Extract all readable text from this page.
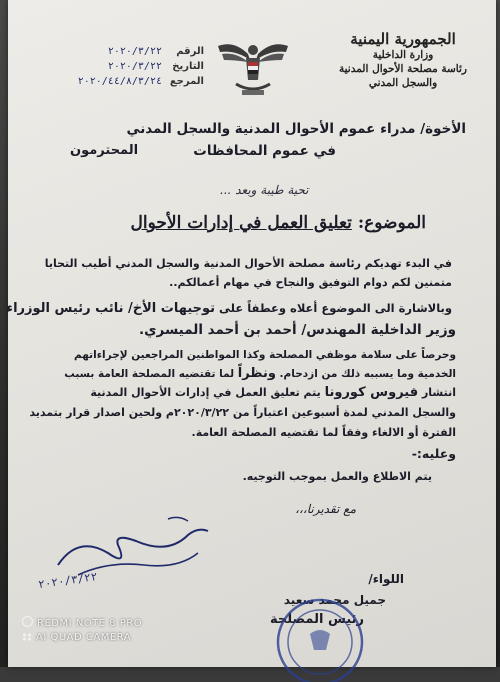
الجمهورية اليمنية
وزارة الداخلية
رئاسة مصلحة الأحوال المدنية
والسجل المدني
الرقم
٢٠٢٠/٣/٢٢
التاريخ
٢٠٢٠/٣/٢٢
المرجع
٢٠٢٠/٤٤/٨/٣/٢٤
الأخوة/ مدراء عموم الأحوال المدنية والسجل المدني
في عموم المحافظات
المحترمون
تحية طيبة وبعد ...
الموضوع: تعليق العمل في إدارات الأحوال
في البدء تهديكم رئاسة مصلحة الأحوال المدنية والسجل المدني أطيب التحايا
متمنين لكم دوام التوفيق والنجاح في مهام أعمالكم..
وبالاشارة الى الموضوع أعلاه وعطفاً على توجيهات الأخ/ نائب رئيس الوزراء
وزير الداخلية المهندس/ أحمد بن أحمد الميسري.
وحرصاً على سلامة موظفي المصلحة وكذا المواطنين المراجعين لإجراءاتهم
الخدمية وما يسببه ذلك من ازدحام. ونظراً لما تقتضيه المصلحة العامة بسبب
انتشار فيروس كورونا يتم تعليق العمل في إدارات الأحوال المدنية
والسجل المدني لمدة أسبوعين اعتباراً من ٢٠٢٠/٣/٢٢م ولحين اصدار قرار بتمديد
الفترة أو الالغاء وفقاً لما تقتضيه المصلحة العامة.
وعليه:-
يتم الاطلاع والعمل بموجب التوجيه.
مع تقديرنا،،،
٢٠٢٠/٣/٢٢	اللواء/
جميل محمد سعيد
رئيس المصلحة
REDMI NOTE 8 PRO
AI QUAD CAMERA
